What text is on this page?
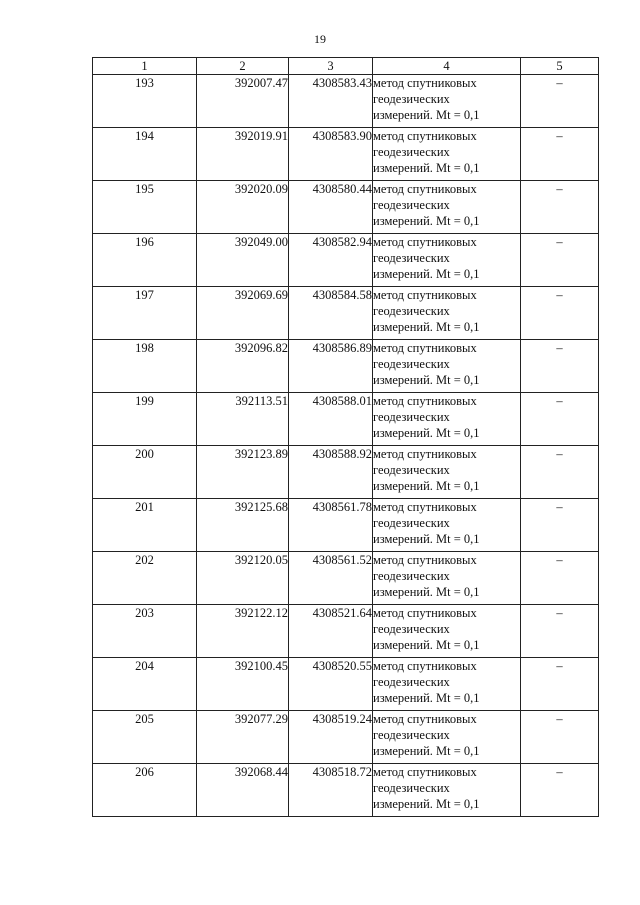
19
1	2	3	4	5
193	392007.47	4308583.43	метод спутниковых
геодезических
измерений. Mt = 0,1	–
194	392019.91	4308583.90	метод спутниковых
геодезических
измерений. Mt = 0,1	–
195	392020.09	4308580.44	метод спутниковых
геодезических
измерений. Mt = 0,1	–
196	392049.00	4308582.94	метод спутниковых
геодезических
измерений. Mt = 0,1	–
197	392069.69	4308584.58	метод спутниковых
геодезических
измерений. Mt = 0,1	–
198	392096.82	4308586.89	метод спутниковых
геодезических
измерений. Mt = 0,1	–
199	392113.51	4308588.01	метод спутниковых
геодезических
измерений. Mt = 0,1	–
200	392123.89	4308588.92	метод спутниковых
геодезических
измерений. Mt = 0,1	–
201	392125.68	4308561.78	метод спутниковых
геодезических
измерений. Mt = 0,1	–
202	392120.05	4308561.52	метод спутниковых
геодезических
измерений. Mt = 0,1	–
203	392122.12	4308521.64	метод спутниковых
геодезических
измерений. Mt = 0,1	–
204	392100.45	4308520.55	метод спутниковых
геодезических
измерений. Mt = 0,1	–
205	392077.29	4308519.24	метод спутниковых
геодезических
измерений. Mt = 0,1	–
206	392068.44	4308518.72	метод спутниковых
геодезических
измерений. Mt = 0,1	–
